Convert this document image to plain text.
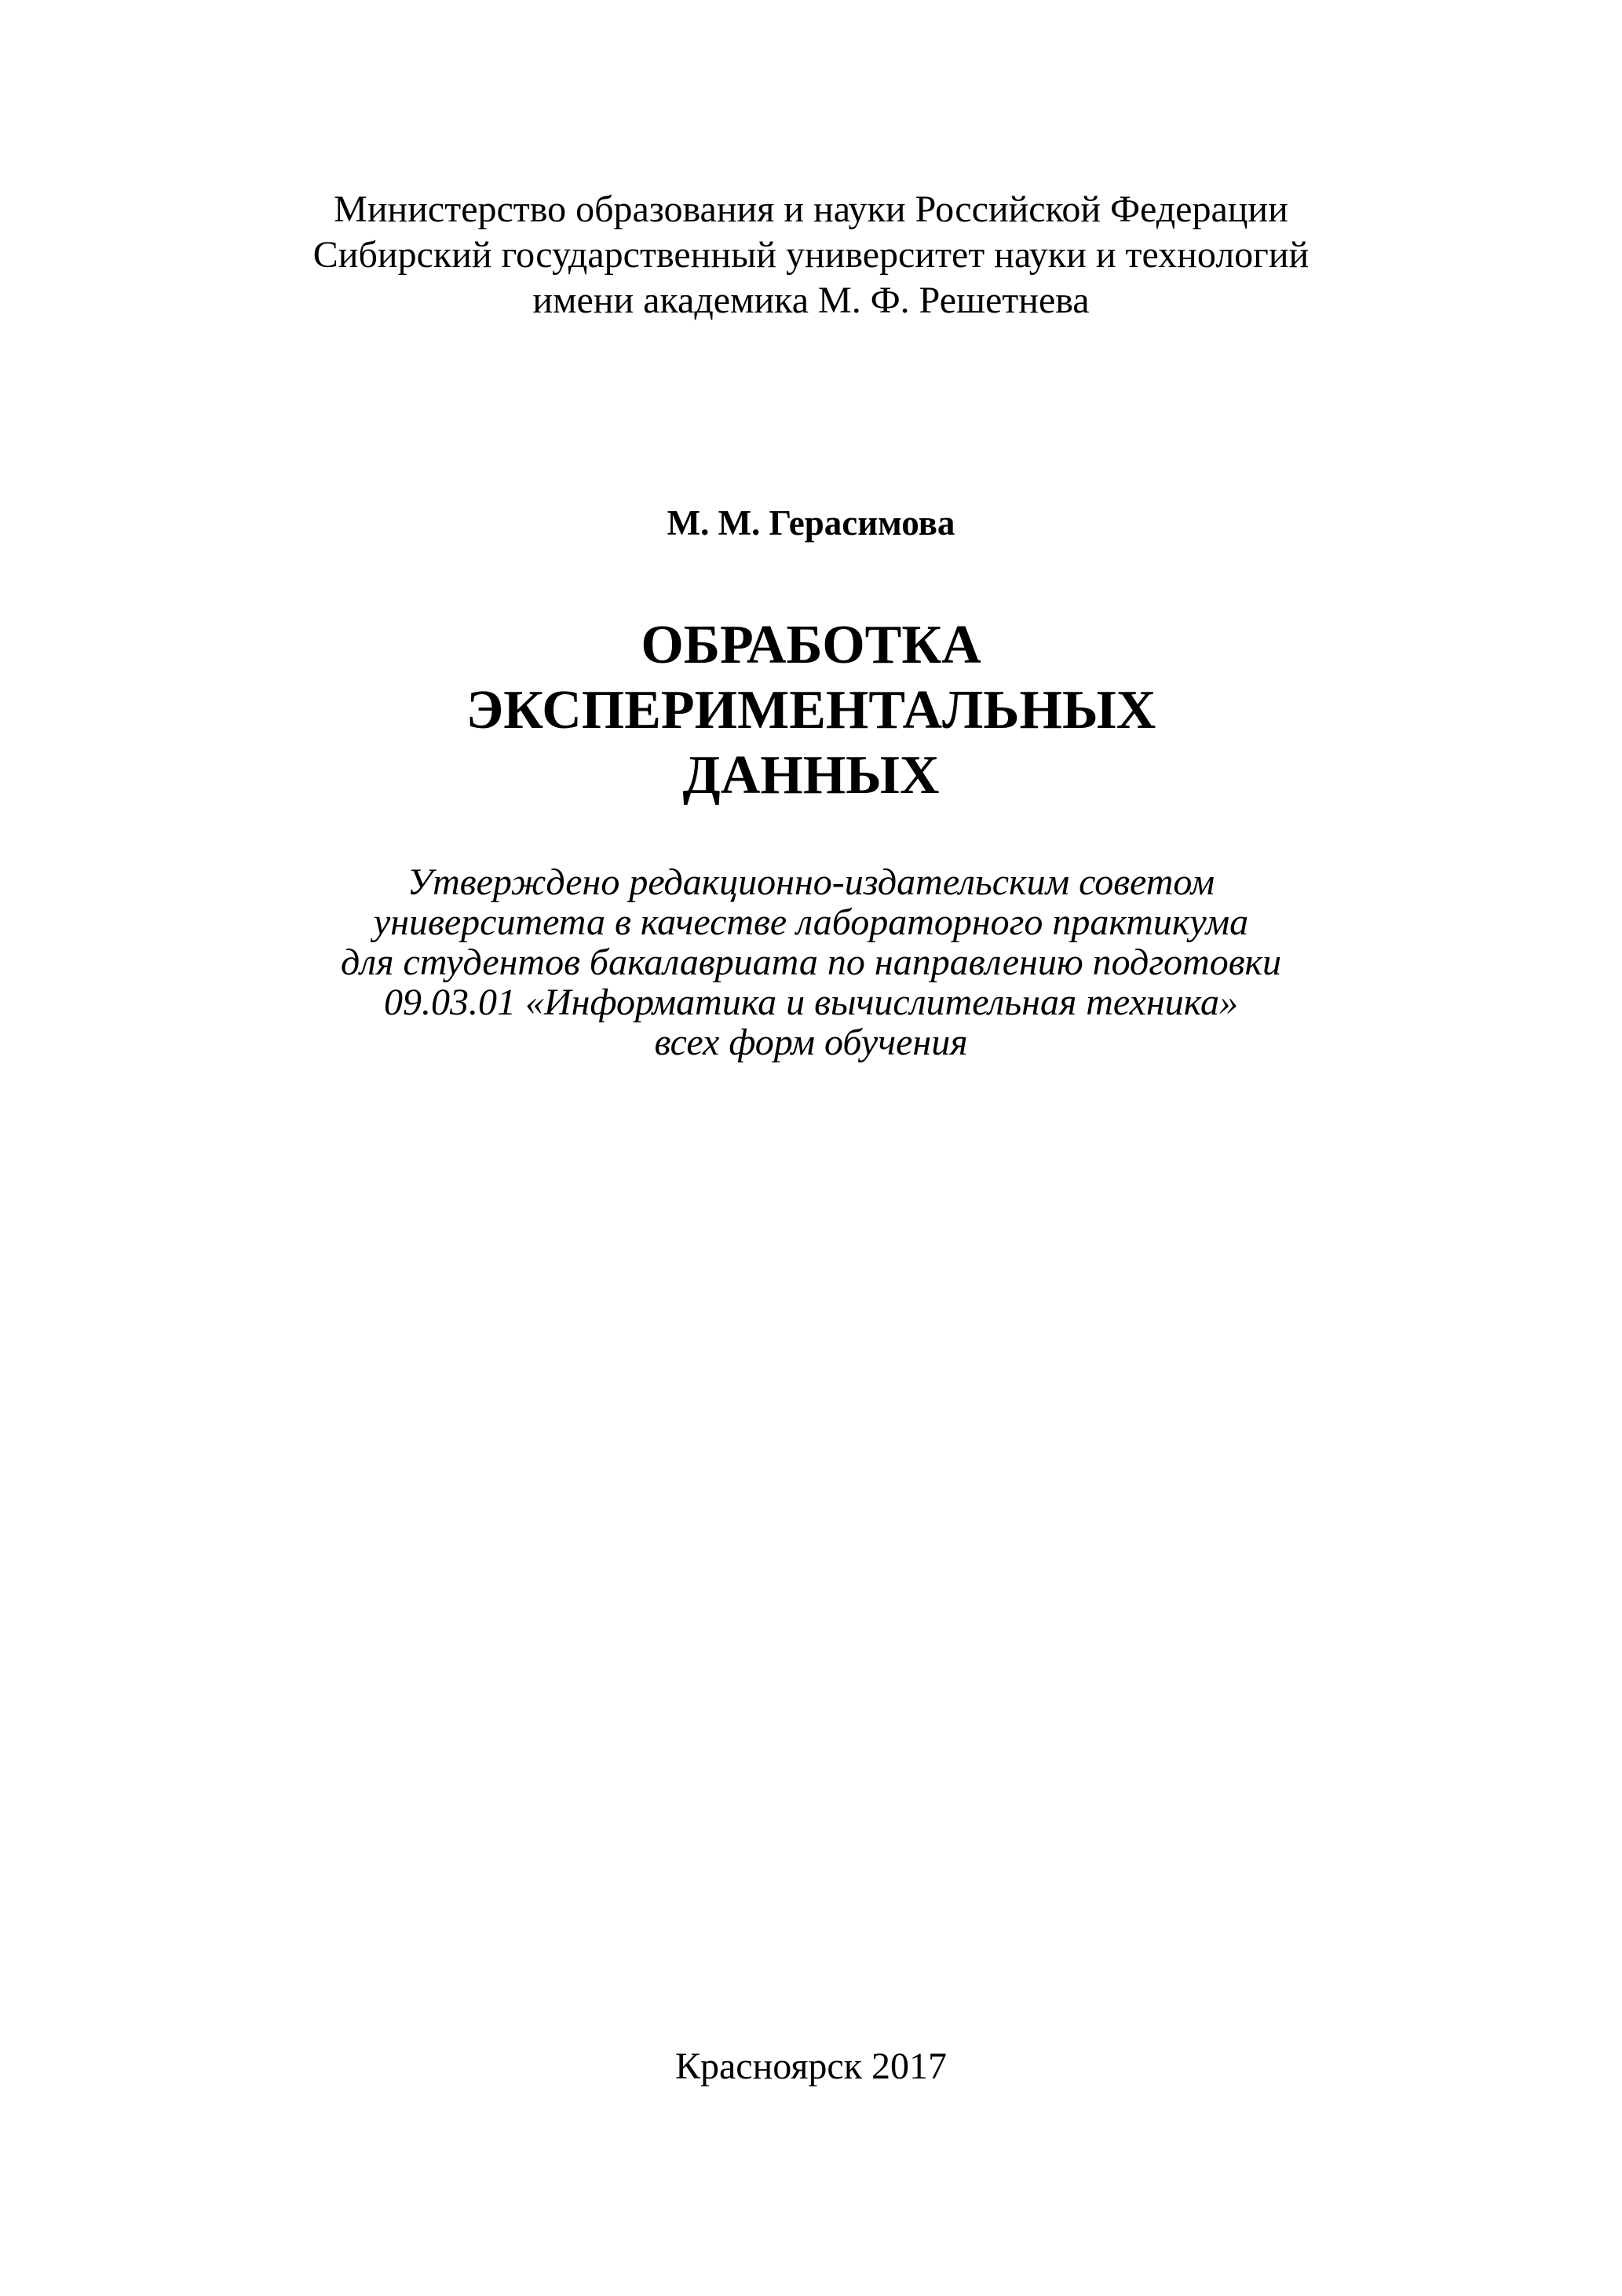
Министерство образования и науки Российской Федерации
Сибирский государственный университет науки и технологий
имени академика М. Ф. Решетнева
М. М. Герасимова
ОБРАБОТКА
ЭКСПЕРИМЕНТАЛЬНЫХ
ДАННЫХ
Утверждено редакционно-издательским советом
университета в качестве лабораторного практикума
для студентов бакалавриата по направлению подготовки
09.03.01 «Информатика и вычислительная техника»
всех форм обучения
Красноярск 2017
